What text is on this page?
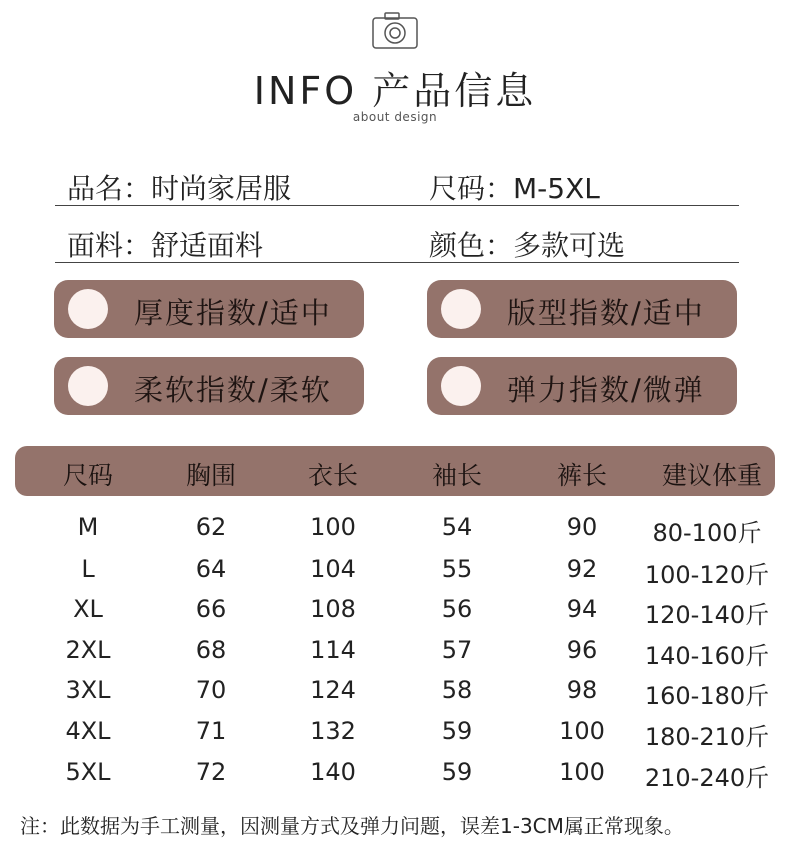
INFO 产品信息
about design
品名：时尚家居服	尺码：M-5XL
面料：舒适面料	颜色：多款可选
厚度指数/适中	版型指数/适中
柔软指数/柔软	弹力指数/微弹
尺码	胸围	衣长	袖长	裤长	建议体重
M	62	100	54	90	80-100斤
L	64	104	55	92	100-120斤
XL	66	108	56	94	120-140斤
2XL	68	114	57	96	140-160斤
3XL	70	124	58	98	160-180斤
4XL	71	132	59	100	180-210斤
5XL	72	140	59	100	210-240斤
注：此数据为手工测量，因测量方式及弹力问题，误差1-3CM属正常现象。
